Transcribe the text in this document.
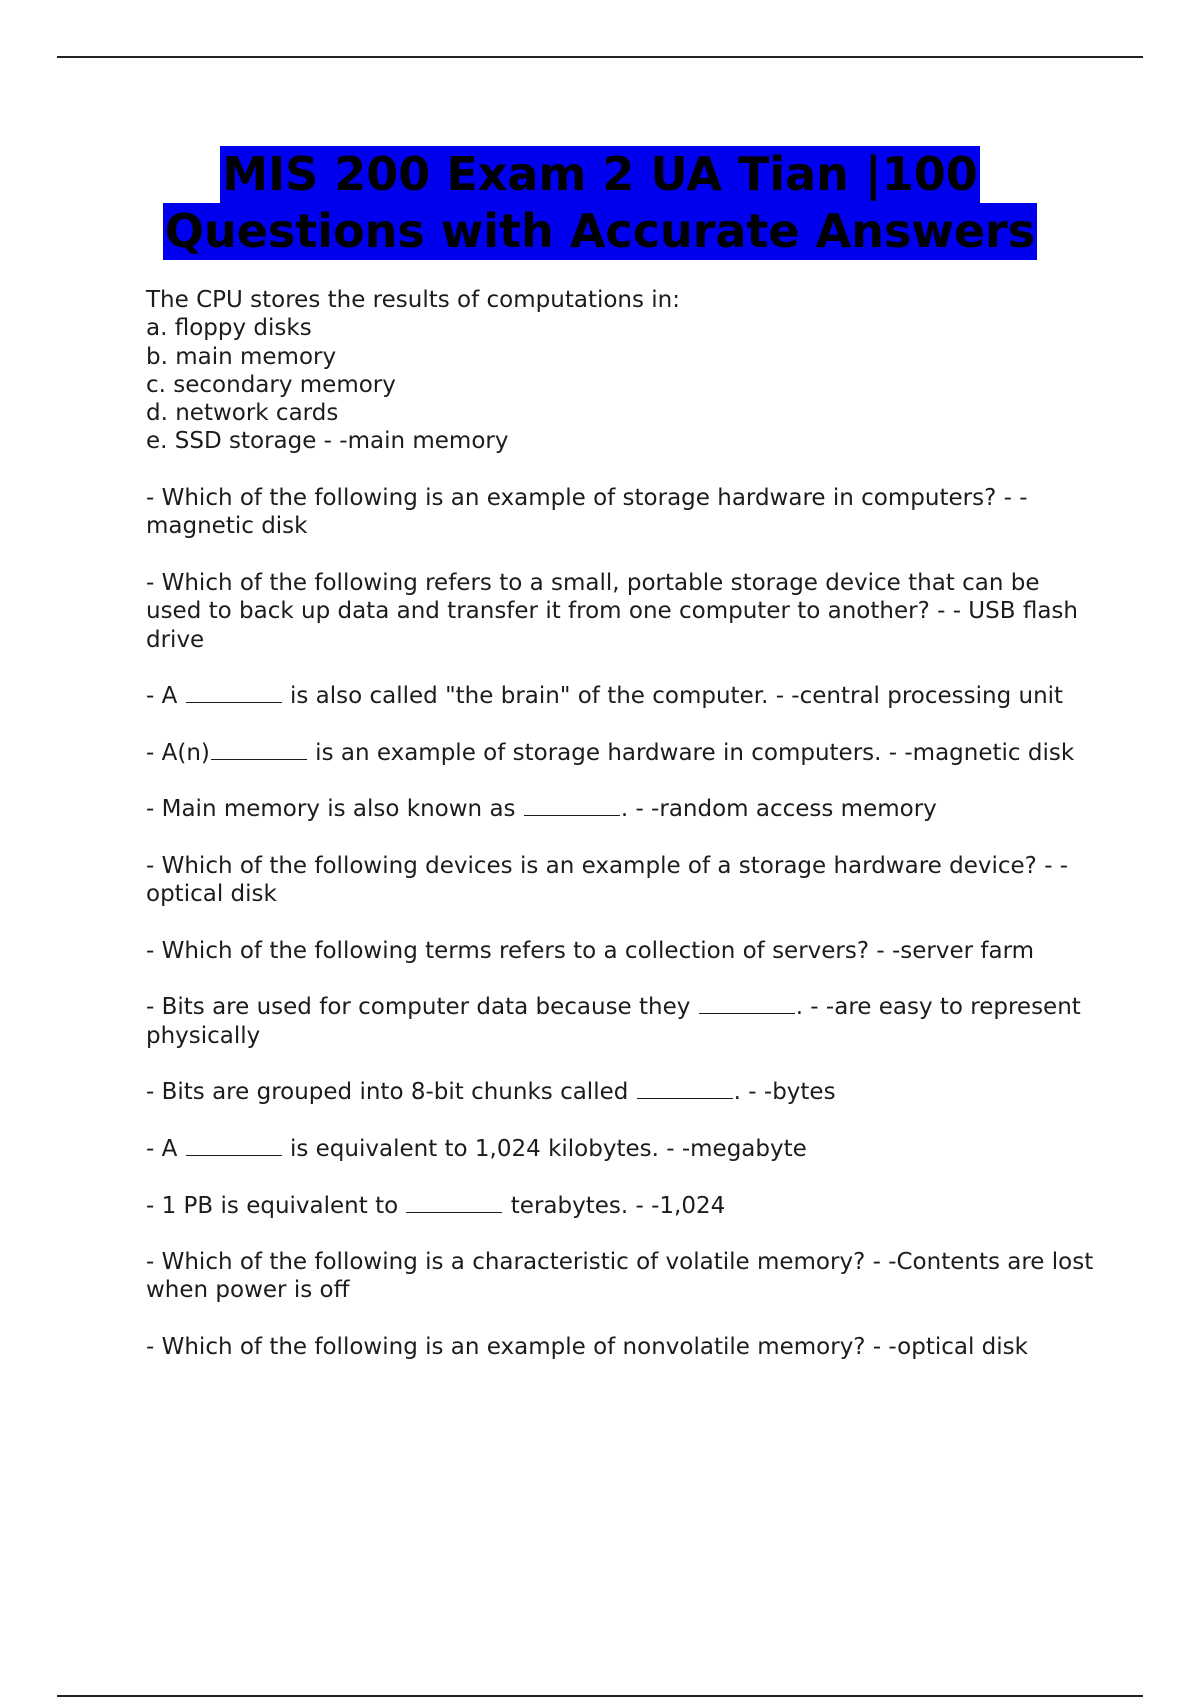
MIS 200 Exam 2 UA Tian |100
Questions with Accurate Answers
The CPU stores the results of computations in:
a. floppy disks
b. main memory
c. secondary memory
d. network cards
e. SSD storage - -main memory
- Which of the following is an example of storage hardware in computers? - -magnetic disk
- Which of the following refers to a small, portable storage device that can be used to back up data and transfer it from one computer to another? - - USB flash drive
- A	is also called "the brain" of the computer. - -central processing unit
- A(n)	is an example of storage hardware in computers. - -magnetic disk
- Main memory is also known as	. - -random access memory
- Which of the following devices is an example of a storage hardware device? - -optical disk
- Which of the following terms refers to a collection of servers? - -server farm
- Bits are used for computer data because they	. - -are easy to represent physically
- Bits are grouped into 8-bit chunks called	. - -bytes
- A	is equivalent to 1,024 kilobytes. - -megabyte
- 1 PB is equivalent to	terabytes. - -1,024
- Which of the following is a characteristic of volatile memory? - -Contents are lost when power is off
- Which of the following is an example of nonvolatile memory? - -optical disk
